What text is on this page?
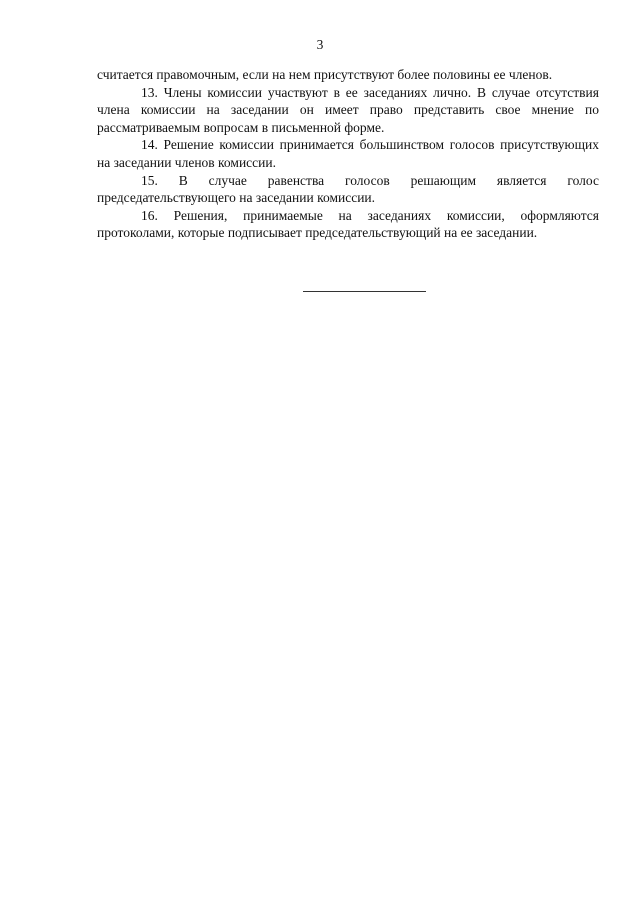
3

считается правомочным, если на нем присутствуют более половины ее членов.

13. Члены комиссии участвуют в ее заседаниях лично. В случае отсутствия члена комиссии на заседании он имеет право представить свое мнение по рассматриваемым вопросам в письменной форме.

14. Решение комиссии принимается большинством голосов присутствующих на заседании членов комиссии.

15. В случае равенства голосов решающим является голос председательствующего на заседании комиссии.

16. Решения, принимаемые на заседаниях комиссии, оформляются протоколами, которые подписывает председательствующий на ее заседании.
